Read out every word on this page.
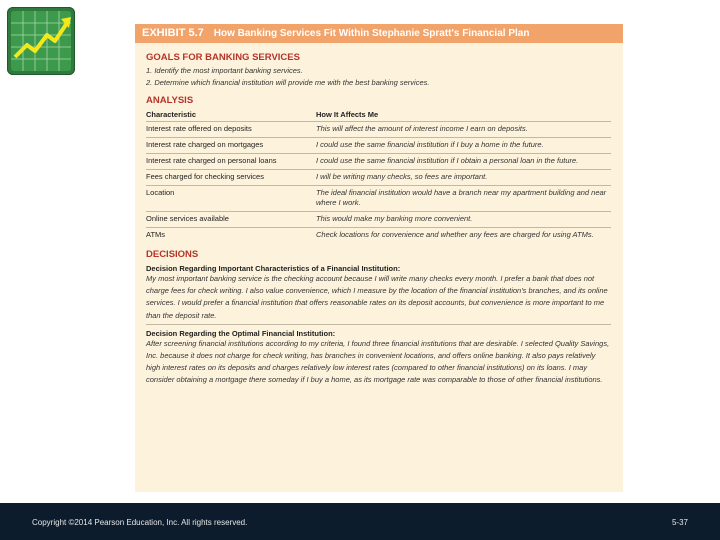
EXHIBIT 5.7 How Banking Services Fit Within Stephanie Spratt's Financial Plan
GOALS FOR BANKING SERVICES
1. Identify the most important banking services.
2. Determine which financial institution will provide me with the best banking services.
ANALYSIS
Characteristic	How It Affects Me
Interest rate offered on deposits	This will affect the amount of interest income I earn on deposits.
Interest rate charged on mortgages	I could use the same financial institution if I buy a home in the future.
Interest rate charged on personal loans	I could use the same financial institution if I obtain a personal loan in the future.
Fees charged for checking services	I will be writing many checks, so fees are important.
Location	The ideal financial institution would have a branch near my apartment building and near where I work.
Online services available	This would make my banking more convenient.
ATMs	Check locations for convenience and whether any fees are charged for using ATMs.
DECISIONS
Decision Regarding Important Characteristics of a Financial Institution:
My most important banking service is the checking account because I will write many checks every month. I prefer a bank that does not charge fees for check writing. I also value convenience, which I measure by the location of the financial institution's branches, and its online services. I would prefer a financial institution that offers reasonable rates on its deposit accounts, but convenience is more important to me than the deposit rate.
Decision Regarding the Optimal Financial Institution:
After screening financial institutions according to my criteria, I found three financial institutions that are desirable. I selected Quality Savings, Inc. because it does not charge for check writing, has branches in convenient locations, and offers online banking. It also pays relatively high interest rates on its deposits and charges relatively low interest rates (compared to other financial institutions) on its loans. I may consider obtaining a mortgage there someday if I buy a home, as its mortgage rate was comparable to those of other financial institutions.
Copyright ©2014 Pearson Education, Inc. All rights reserved.	5-37
